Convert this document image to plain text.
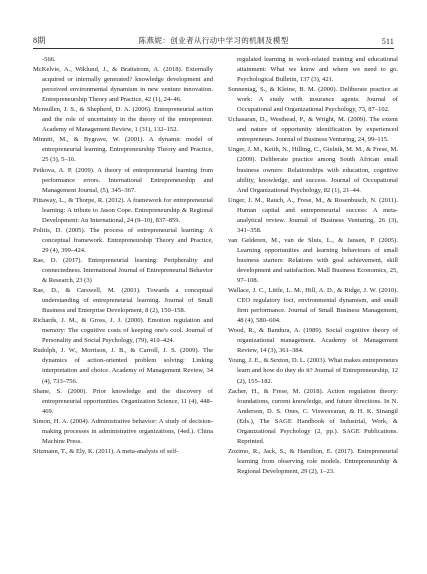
8期	陈燕妮：创业者从行动中学习的机制及模型	511

-566.

McKelvie, A., Wiklund, J., & Brattstrom, A. (2018). Externally acquired or internally generated? knowledge development and perceived environmental dynamism in new venture innovation. Entrepreneurship Theory and Practice, 42 (1), 24–46.

Mcmullen, J. S., & Shepherd, D. A. (2006). Entrepreneurial action and the role of uncertainty in the theory of the entrepreneur. Academy of Management Review, 1 (31), 132–152.

Minniti, M., & Bygrave, W. (2001). A dynamic model of entrepreneurial learning. Entrepreneurship Theory and Practice, 25 (3), 5–16.

Petkova, A. P. (2009). A theory of entrepreneurial learning from performance errors. International Entrepreneurship and Management Journal, (5), 345–367.

Pittaway, L., & Thorpe, R. (2012). A framework for entrepreneurial learning: A tribute to Jason Cope. Entrepreneurship & Regional Development: An International, 24 (9–10), 837–859.

Politis, D. (2005). The process of entrepreneurial learning: A conceptual framework. Entrepreneurship Theory and Practice, 29 (4), 399–424.

Rae, D. (2017). Entrepreneurial learning: Peripherality and connectedness. International Journal of Entrepreneurial Behavior & Research, 23 (3)

Rae, D., & Carswell, M. (2001). Towards a conceptual understanding of entrepreneurial learning. Journal of Small Business and Enterprise Development, 8 (2), 150–158.

Richards, J. M., & Gross, J. J. (2000). Emotion regulation and memory: The cognitive costs of keeping one's cool. Journal of Personality and Social Psychology, (79), 410–424.

Rudolph, J. W., Morrison, J. B., & Carroll, J. S. (2009). The dynamics of action-oriented problem solving: Linking interpretation and choice. Academy of Management Review, 34 (4), 733–756.

Shane, S. (2000). Prior knowledge and the discovery of entrepreneurial opportunities. Organization Science, 11 (4), 448–469.

Simon, H. A. (2004). Administrative behavior: A study of decision-making processes in administrative organizations, (4ed.). China Machine Press.

Sitzmann, T., & Ely, K. (2011). A meta-analysis of self-

regulated learning in work-related training and educational attainment: What we know and where we need to go. Psychological Bulletin, 137 (3), 421.

Sonnentag, S., & Kleine, B. M. (2000). Deliberate practice at work: A study with insurance agents. Journal of Occupational and Organizational Psychology, 73, 87–102.

Uchasaran, D., Westhead, P., & Wright, M. (2009). The extent and nature of opportunity identification by experienced entrepreneurs. Journal of Business Venturing, 24, 99–115.

Unger, J. M., Keith, N., Hilling, C., Gielnik, M. M., & Frese, M. (2009). Deliberate practice among South African small business owners: Relationships with education, cognitive ability, knowledge, and success. Journal of Occupational And Organizational Psychology, 82 (1), 21–44.

Unger, J. M., Rauch, A., Frese, M., & Rosenbusch, N. (2011). Human capital and entrepreneurial success: A meta-analytical review. Journal of Business Venturing, 26 (3), 341–358.

van Gelderen, M., van de Sluis, L., & Jansen, P. (2005). Learning opportunities and learning behaviours of small business starters: Relations with goal achievement, skill development and satisfaction. Mall Business Economics, 25, 97–108.

Wallace, J. C., Little, L. M., Hill, A. D., & Ridge, J. W. (2010). CEO regulatory foci, environmental dynamism, and small firm performance. Journal of Small Business Management, 48 (4), 580–604.

Wood, R., & Bandura, A. (1989). Social cognitive theory of organizational management. Academy of Management Review, 14 (3), 361–384.

Young, J. E., & Sexton, D. L. (2003). What makes entrepreneurs learn and how do they do it? Journal of Entrepreneurship, 12 (2), 155–182.

Zacher, H., & Frese, M. (2018). Action regulation theory: foundations, current knowledge, and future directions. In N. Anderson, D. S. Ones, C. Viswesvaran, & H. K. Sinangil (Eds.), The SAGE Handbook of Industrial, Work, & Organizational Psychology (2, pp.). SAGE Publications. Reprinted.

Zozimo, R., Jack, S., & Hamilton, E. (2017). Entrepreneurial learning from observing role models. Entrepreneurship & Regional Development, 29 (2), 1–23.
